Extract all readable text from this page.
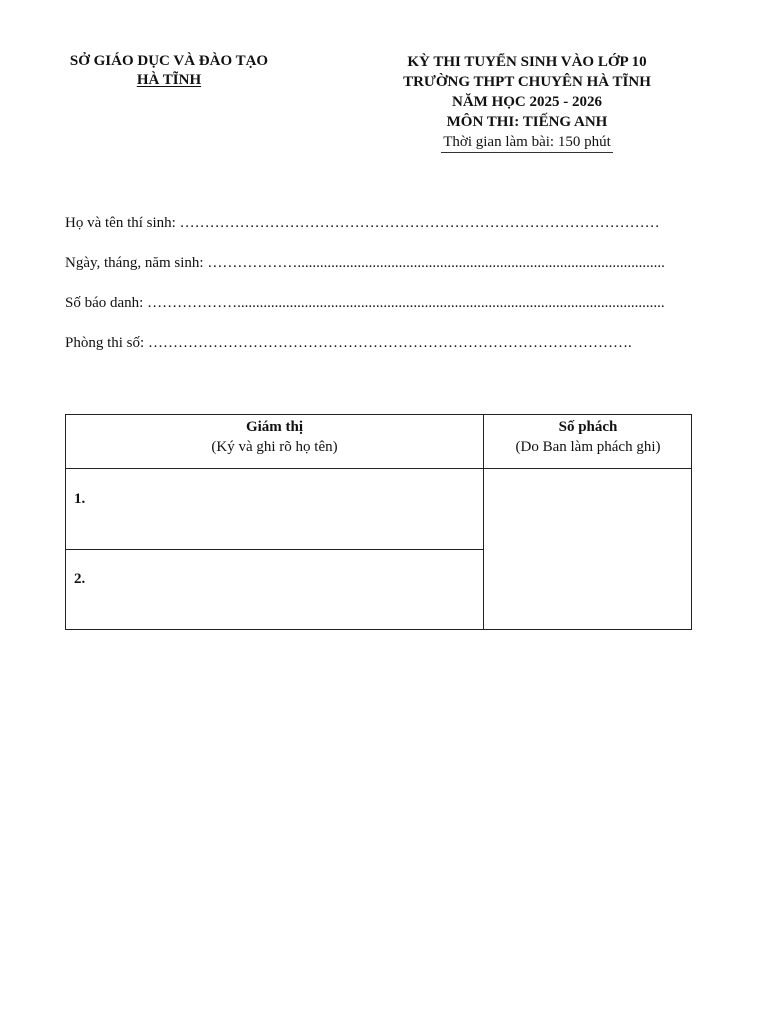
SỞ GIÁO DỤC VÀ ĐÀO TẠO
HÀ TĨNH
KỲ THI TUYỂN SINH VÀO LỚP 10
TRƯỜNG THPT CHUYÊN HÀ TĨNH
NĂM HỌC 2025 - 2026
MÔN THI: TIẾNG ANH
Thời gian làm bài: 150 phút
Họ và tên thí sinh: ……………………………………………………………………………………
Ngày, tháng, năm sinh: ………………..................................................................................................
Số báo danh: ………………..................................................................................................................
Phòng thi số: …………………………………………………………………………………….
Giám thị
(Ký và ghi rõ họ tên)
Số phách
(Do Ban làm phách ghi)
1.
2.
